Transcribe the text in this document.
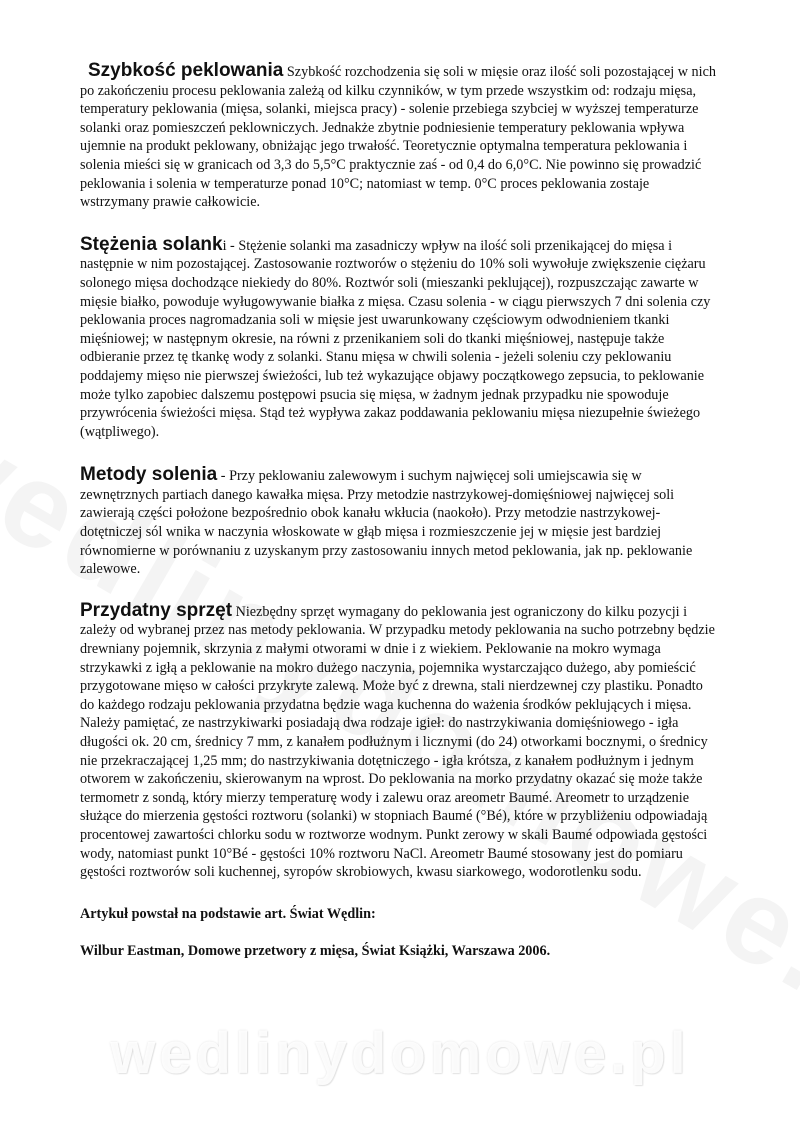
Szybkość peklowania Szybkość rozchodzenia się soli w mięsie oraz ilość soli pozostającej w nich po zakończeniu procesu peklowania zależą od kilku czynników, w tym przede wszystkim od: rodzaju mięsa, temperatury peklowania (mięsa, solanki, miejsca pracy) - solenie przebiega szybciej w wyższej temperaturze solanki oraz pomieszczeń peklowniczych. Jednakże zbytnie podniesienie temperatury peklowania wpływa ujemnie na produkt peklowany, obniżając jego trwałość. Teoretycznie optymalna temperatura peklowania i solenia mieści się w granicach od 3,3 do 5,5°C praktycznie zaś - od 0,4 do 6,0°C. Nie powinno się prowadzić peklowania i solenia w temperaturze ponad 10°C; natomiast w temp. 0°C proces peklowania zostaje wstrzymany prawie całkowicie.

Stężenia solanki - Stężenie solanki ma zasadniczy wpływ na ilość soli przenikającej do mięsa i następnie w nim pozostającej. Zastosowanie roztworów o stężeniu do 10% soli wywołuje zwiększenie ciężaru solonego mięsa dochodzące niekiedy do 80%. Roztwór soli (mieszanki peklującej), rozpuszczając zawarte w mięsie białko, powoduje wyługowywanie białka z mięsa. Czasu solenia - w ciągu pierwszych 7 dni solenia czy peklowania proces nagromadzania soli w mięsie jest uwarunkowany częściowym odwodnieniem tkanki mięśniowej; w następnym okresie, na równi z przenikaniem soli do tkanki mięśniowej, następuje także odbieranie przez tę tkankę wody z solanki. Stanu mięsa w chwili solenia - jeżeli soleniu czy peklowaniu poddajemy mięso nie pierwszej świeżości, lub też wykazujące objawy początkowego zepsucia, to peklowanie może tylko zapobiec dalszemu postępowi psucia się mięsa, w żadnym jednak przypadku nie spowoduje przywrócenia świeżości mięsa. Stąd też wypływa zakaz poddawania peklowaniu mięsa niezupełnie świeżego (wątpliwego).

Metody solenia - Przy peklowaniu zalewowym i suchym najwięcej soli umiejscawia się w zewnętrznych partiach danego kawałka mięsa. Przy metodzie nastrzykowej-domięśniowej najwięcej soli zawierają części położone bezpośrednio obok kanału wkłucia (naokoło). Przy metodzie nastrzykowej-dotętniczej sól wnika w naczynia włoskowate w głąb mięsa i rozmieszczenie jej w mięsie jest bardziej równomierne w porównaniu z uzyskanym przy zastosowaniu innych metod peklowania, jak np. peklowanie zalewowe.

Przydatny sprzęt Niezbędny sprzęt wymagany do peklowania jest ograniczony do kilku pozycji i zależy od wybranej przez nas metody peklowania. W przypadku metody peklowania na sucho potrzebny będzie drewniany pojemnik, skrzynia z małymi otworami w dnie i z wiekiem. Peklowanie na mokro wymaga strzykawki z igłą a peklowanie na mokro dużego naczynia, pojemnika wystarczająco dużego, aby pomieścić przygotowane mięso w całości przykryte zalewą. Może być z drewna, stali nierdzewnej czy plastiku. Ponadto do każdego rodzaju peklowania przydatna będzie waga kuchenna do ważenia środków peklujących i mięsa. Należy pamiętać, ze nastrzykiwarki posiadają dwa rodzaje igieł: do nastrzykiwania domięśniowego - igła długości ok. 20 cm, średnicy 7 mm, z kanałem podłużnym i licznymi (do 24) otworkami bocznymi, o średnicy nie przekraczającej 1,25 mm; do nastrzykiwania dotętniczego - igła krótsza, z kanałem podłużnym i jednym otworem w zakończeniu, skierowanym na wprost. Do peklowania na morko przydatny okazać się może także termometr z sondą, który mierzy temperaturę wody i zalewu oraz areometr Baumé. Areometr to urządzenie służące do mierzenia gęstości roztworu (solanki) w stopniach Baumé (°Bé), które w przybliżeniu odpowiadają procentowej zawartości chlorku sodu w roztworze wodnym. Punkt zerowy w skali Baumé odpowiada gęstości wody, natomiast punkt 10°Bé - gęstości 10% roztworu NaCl. Areometr Baumé stosowany jest do pomiaru gęstości roztworów soli kuchennej, syropów skrobiowych, kwasu siarkowego, wodorotlenku sodu.

Artykuł powstał na podstawie art. Świat Wędlin:

Wilbur Eastman, Domowe przetwory z mięsa, Świat Książki, Warszawa 2006.

wedlinydomowe.pl
